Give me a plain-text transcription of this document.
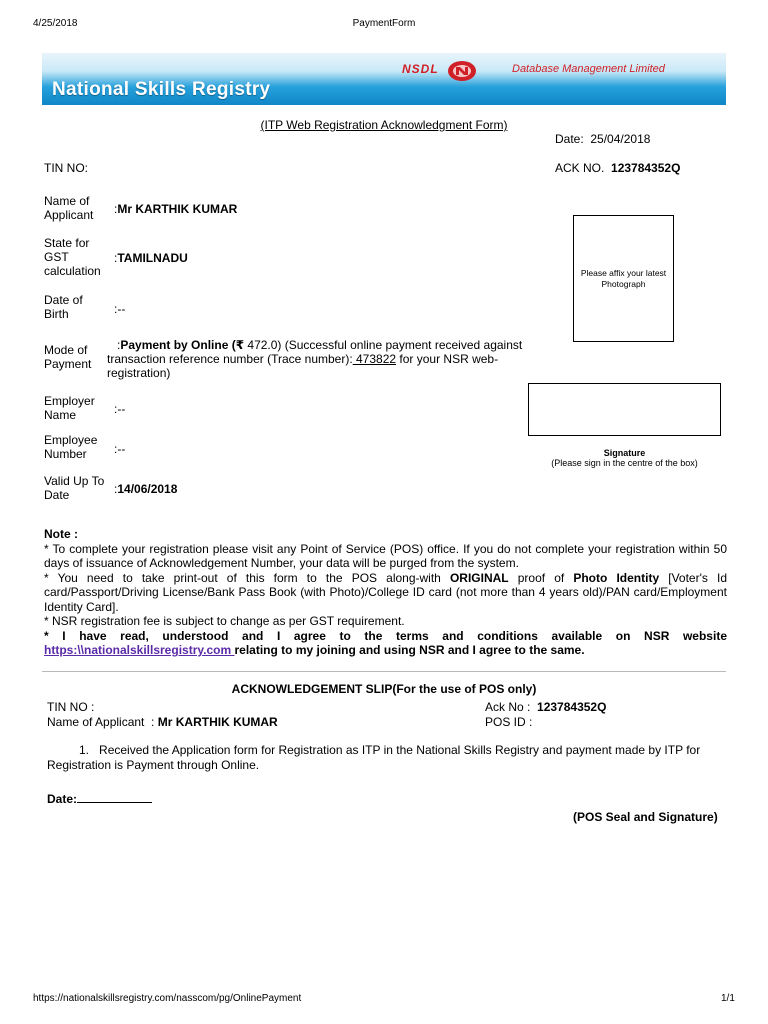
4/25/2018	PaymentForm
National Skills Registry
NSDL	Database Management Limited
(ITP Web Registration Acknowledgment Form)
Date: 25/04/2018
TIN NO:	ACK NO. 123784352Q
Name of Applicant	:Mr KARTHIK KUMAR
State for GST calculation
:TAMILNADU
Date of Birth	:--
Mode of Payment
:Payment by Online (₹ 472.0) (Successful online payment received against transaction reference number (Trace number): 473822 for your NSR web-registration)
Employer Name	:--
Employee Number	:--
Valid Up To Date	:14/06/2018
Please affix your latest Photograph
Signature
(Please sign in the centre of the box)

Note :

* To complete your registration please visit any Point of Service (POS) office. If you do not complete your registration within 50 days of issuance of Acknowledgement Number, your data will be purged from the system.

* You need to take print-out of this form to the POS along-with ORIGINAL proof of Photo Identity [Voter's Id card/Passport/Driving License/Bank Pass Book (with Photo)/College ID card (not more than 4 years old)/PAN card/Employment Identity Card].

* NSR registration fee is subject to change as per GST requirement.

* I have read, understood and I agree to the terms and conditions available on NSR website https:\\nationalskillsregistry.com relating to my joining and using NSR and I agree to the same.

ACKNOWLEDGEMENT SLIP(For the use of POS only)
TIN NO :	Ack No : 123784352Q
Name of Applicant  : Mr KARTHIK KUMAR	POS ID :
1. Received the Application form for Registration as ITP in the National Skills Registry and payment made by ITP for Registration is Payment through Online.
Date:
(POS Seal and Signature)
https://nationalskillsregistry.com/nasscom/pg/OnlinePayment	1/1
